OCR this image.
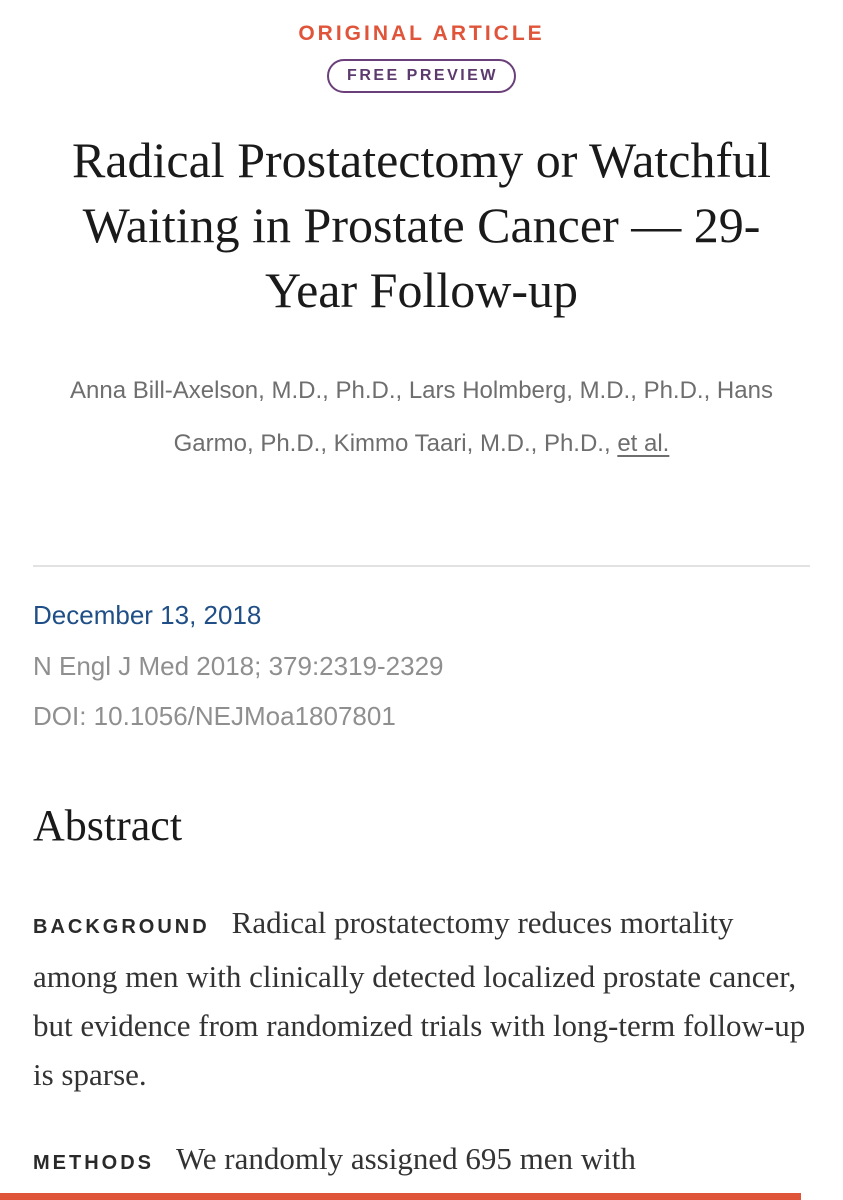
ORIGINAL ARTICLE
FREE PREVIEW
Radical Prostatectomy or Watchful Waiting in Prostate Cancer — 29-Year Follow-up
Anna Bill-Axelson, M.D., Ph.D., Lars Holmberg, M.D., Ph.D., Hans Garmo, Ph.D., Kimmo Taari, M.D., Ph.D., et al.
December 13, 2018
N Engl J Med 2018; 379:2319-2329
DOI: 10.1056/NEJMoa1807801
Abstract
BACKGROUND Radical prostatectomy reduces mortality among men with clinically detected localized prostate cancer, but evidence from randomized trials with long-term follow-up is sparse.
METHODS We randomly assigned 695 men with
